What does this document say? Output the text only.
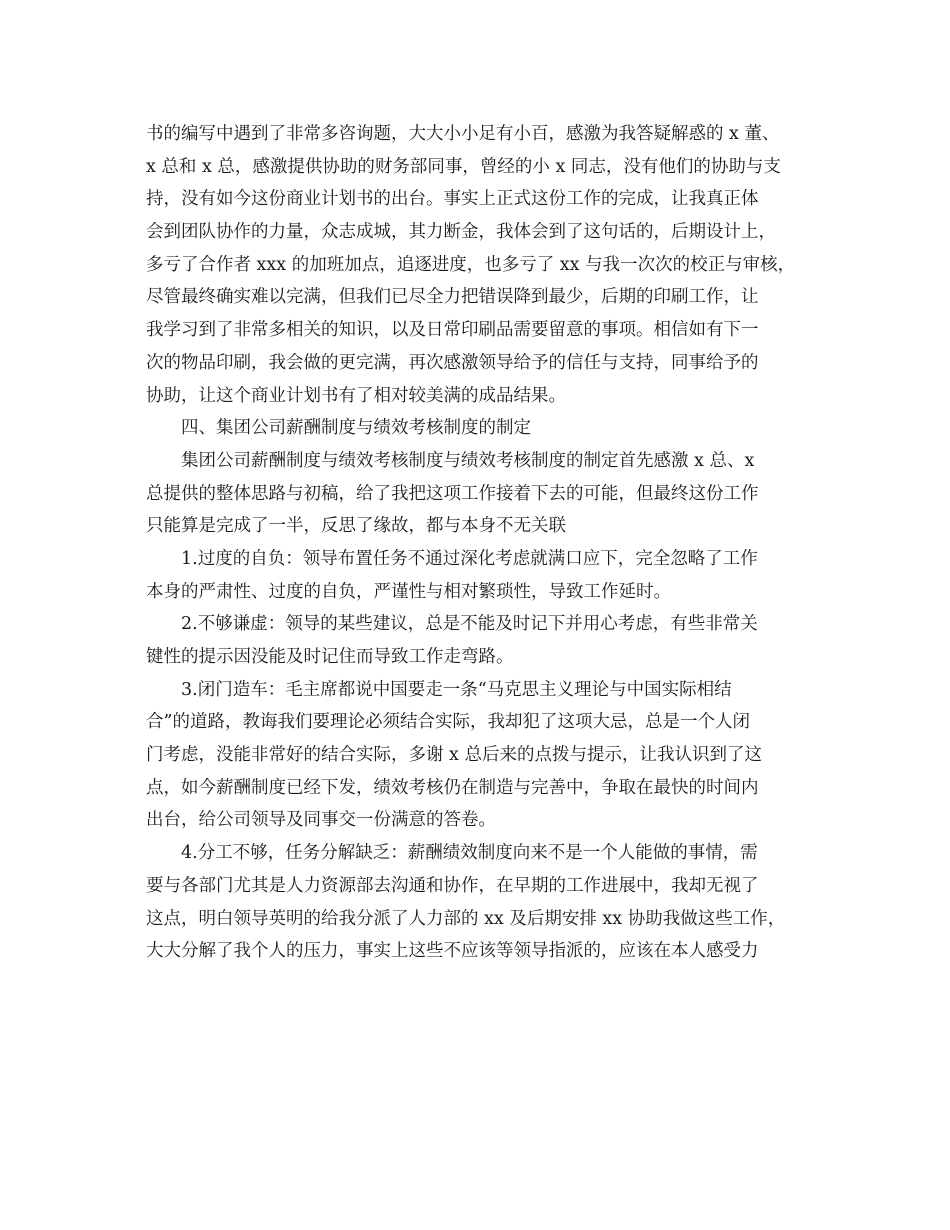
书的编写中遇到了非常多咨询题，大大小小足有小百，感激为我答疑解惑的 x 董、
x 总和 x 总，感激提供协助的财务部同事，曾经的小 x 同志，没有他们的协助与支
持，没有如今这份商业计划书的出台。事实上正式这份工作的完成，让我真正体
会到团队协作的力量，众志成城，其力断金，我体会到了这句话的，后期设计上，
多亏了合作者 xxx 的加班加点，追逐进度，也多亏了 xx 与我一次次的校正与审核，
尽管最终确实难以完满，但我们已尽全力把错误降到最少，后期的印刷工作，让
我学习到了非常多相关的知识，以及日常印刷品需要留意的事项。相信如有下一
次的物品印刷，我会做的更完满，再次感激领导给予的信任与支持，同事给予的
协助，让这个商业计划书有了相对较美满的成品结果。
四、集团公司薪酬制度与绩效考核制度的制定
集团公司薪酬制度与绩效考核制度与绩效考核制度的制定首先感激 x 总、x
总提供的整体思路与初稿，给了我把这项工作接着下去的可能，但最终这份工作
只能算是完成了一半，反思了缘故，都与本身不无关联
1.过度的自负：领导布置任务不通过深化考虑就满口应下，完全忽略了工作
本身的严肃性、过度的自负，严谨性与相对繁琐性，导致工作延时。
2.不够谦虚：领导的某些建议，总是不能及时记下并用心考虑，有些非常关
键性的提示因没能及时记住而导致工作走弯路。
3.闭门造车：毛主席都说中国要走一条“马克思主义理论与中国实际相结
合”的道路，教诲我们要理论必须结合实际，我却犯了这项大忌，总是一个人闭
门考虑，没能非常好的结合实际，多谢 x 总后来的点拨与提示，让我认识到了这
点，如今薪酬制度已经下发，绩效考核仍在制造与完善中，争取在最快的时间内
出台，给公司领导及同事交一份满意的答卷。
4.分工不够，任务分解缺乏：薪酬绩效制度向来不是一个人能做的事情，需
要与各部门尤其是人力资源部去沟通和协作，在早期的工作进展中，我却无视了
这点，明白领导英明的给我分派了人力部的 xx 及后期安排 xx 协助我做这些工作，
大大分解了我个人的压力，事实上这些不应该等领导指派的，应该在本人感受力
